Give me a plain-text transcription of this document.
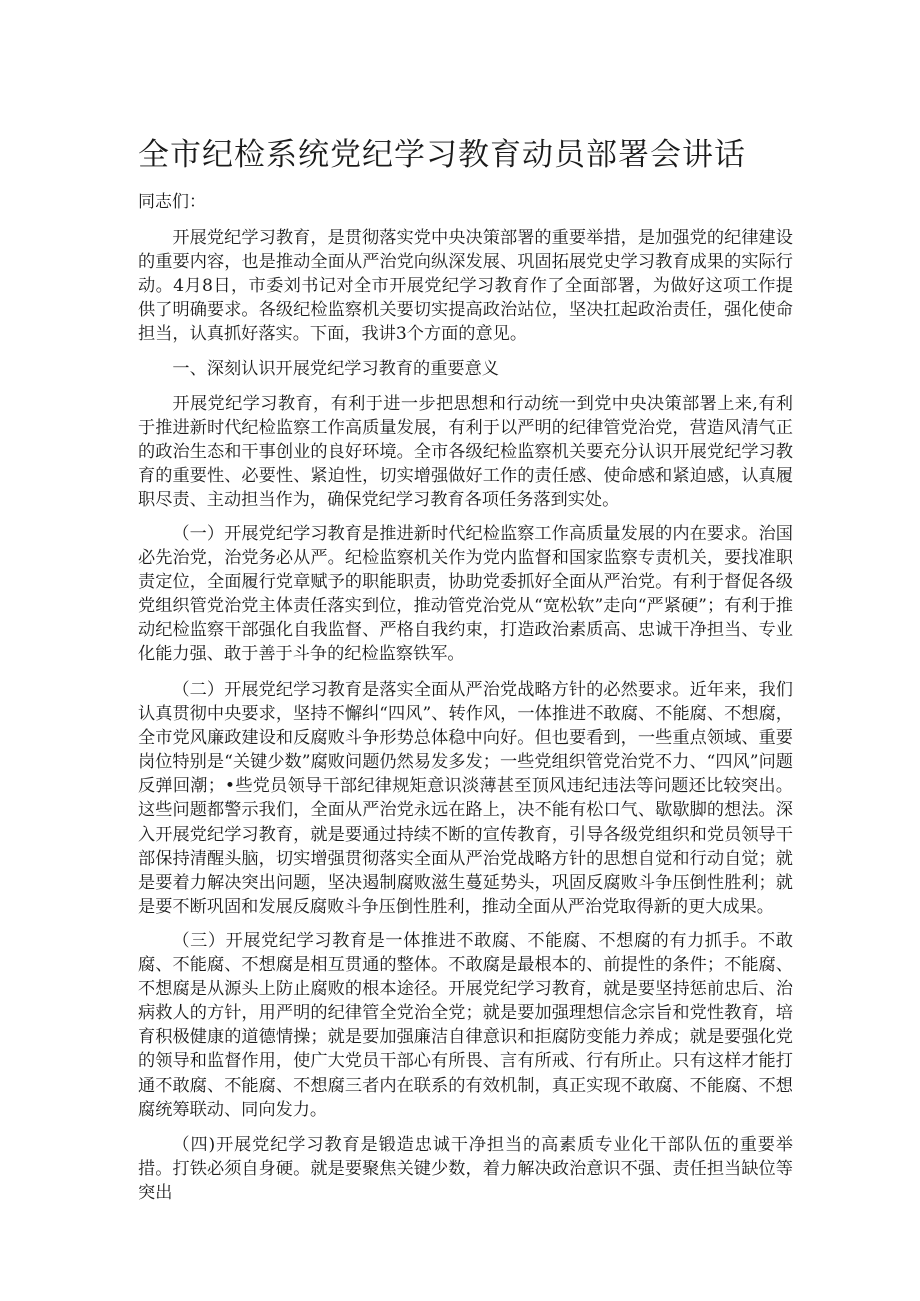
全市纪检系统党纪学习教育动员部署会讲话

同志们：

开展党纪学习教育，是贯彻落实党中央决策部署的重要举措，是加强党的纪律建设的重要内容，也是推动全面从严治党向纵深发展、巩固拓展党史学习教育成果的实际行动。4月8日，市委刘书记对全市开展党纪学习教育作了全面部署，为做好这项工作提供了明确要求。各级纪检监察机关要切实提高政治站位，坚决扛起政治责任，强化使命担当，认真抓好落实。下面，我讲3个方面的意见。

一、深刻认识开展党纪学习教育的重要意义

开展党纪学习教育，有利于进一步把思想和行动统一到党中央决策部署上来,有利于推进新时代纪检监察工作高质量发展，有利于以严明的纪律管党治党，营造风清气正的政治生态和干事创业的良好环境。全市各级纪检监察机关要充分认识开展党纪学习教育的重要性、必要性、紧迫性，切实增强做好工作的责任感、使命感和紧迫感，认真履职尽责、主动担当作为，确保党纪学习教育各项任务落到实处。

（一）开展党纪学习教育是推进新时代纪检监察工作高质量发展的内在要求。治国必先治党，治党务必从严。纪检监察机关作为党内监督和国家监察专责机关，要找准职责定位，全面履行党章赋予的职能职责，协助党委抓好全面从严治党。有利于督促各级党组织管党治党主体责任落实到位，推动管党治党从“宽松软”走向“严紧硬”；有利于推动纪检监察干部强化自我监督、严格自我约束，打造政治素质高、忠诚干净担当、专业化能力强、敢于善于斗争的纪检监察铁军。

（二）开展党纪学习教育是落实全面从严治党战略方针的必然要求。近年来，我们认真贯彻中央要求，坚持不懈纠“四风”、转作风，一体推进不敢腐、不能腐、不想腐，全市党风廉政建设和反腐败斗争形势总体稳中向好。但也要看到，一些重点领域、重要岗位特别是“关键少数”腐败问题仍然易发多发；一些党组织管党治党不力、“四风”问题反弹回潮；•些党员领导干部纪律规矩意识淡薄甚至顶风违纪违法等问题还比较突出。这些问题都警示我们，全面从严治党永远在路上，决不能有松口气、歇歇脚的想法。深入开展党纪学习教育，就是要通过持续不断的宣传教育，引导各级党组织和党员领导干部保持清醒头脑，切实增强贯彻落实全面从严治党战略方针的思想自觉和行动自觉；就是要着力解决突出问题，坚决遏制腐败滋生蔓延势头，巩固反腐败斗争压倒性胜利；就是要不断巩固和发展反腐败斗争压倒性胜利，推动全面从严治党取得新的更大成果。

（三）开展党纪学习教育是一体推进不敢腐、不能腐、不想腐的有力抓手。不敢腐、不能腐、不想腐是相互贯通的整体。不敢腐是最根本的、前提性的条件；不能腐、不想腐是从源头上防止腐败的根本途径。开展党纪学习教育，就是要坚持惩前忠后、治病救人的方针，用严明的纪律管全党治全党；就是要加强理想信念宗旨和党性教育，培育积极健康的道德情操；就是要加强廉洁自律意识和拒腐防变能力养成；就是要强化党的领导和监督作用，使广大党员干部心有所畏、言有所戒、行有所止。只有这样才能打通不敢腐、不能腐、不想腐三者内在联系的有效机制，真正实现不敢腐、不能腐、不想腐统筹联动、同向发力。

（四)开展党纪学习教育是锻造忠诚干净担当的高素质专业化干部队伍的重要举措。打铁必须自身硬。就是要聚焦关键少数，着力解决政治意识不强、责任担当缺位等突出
